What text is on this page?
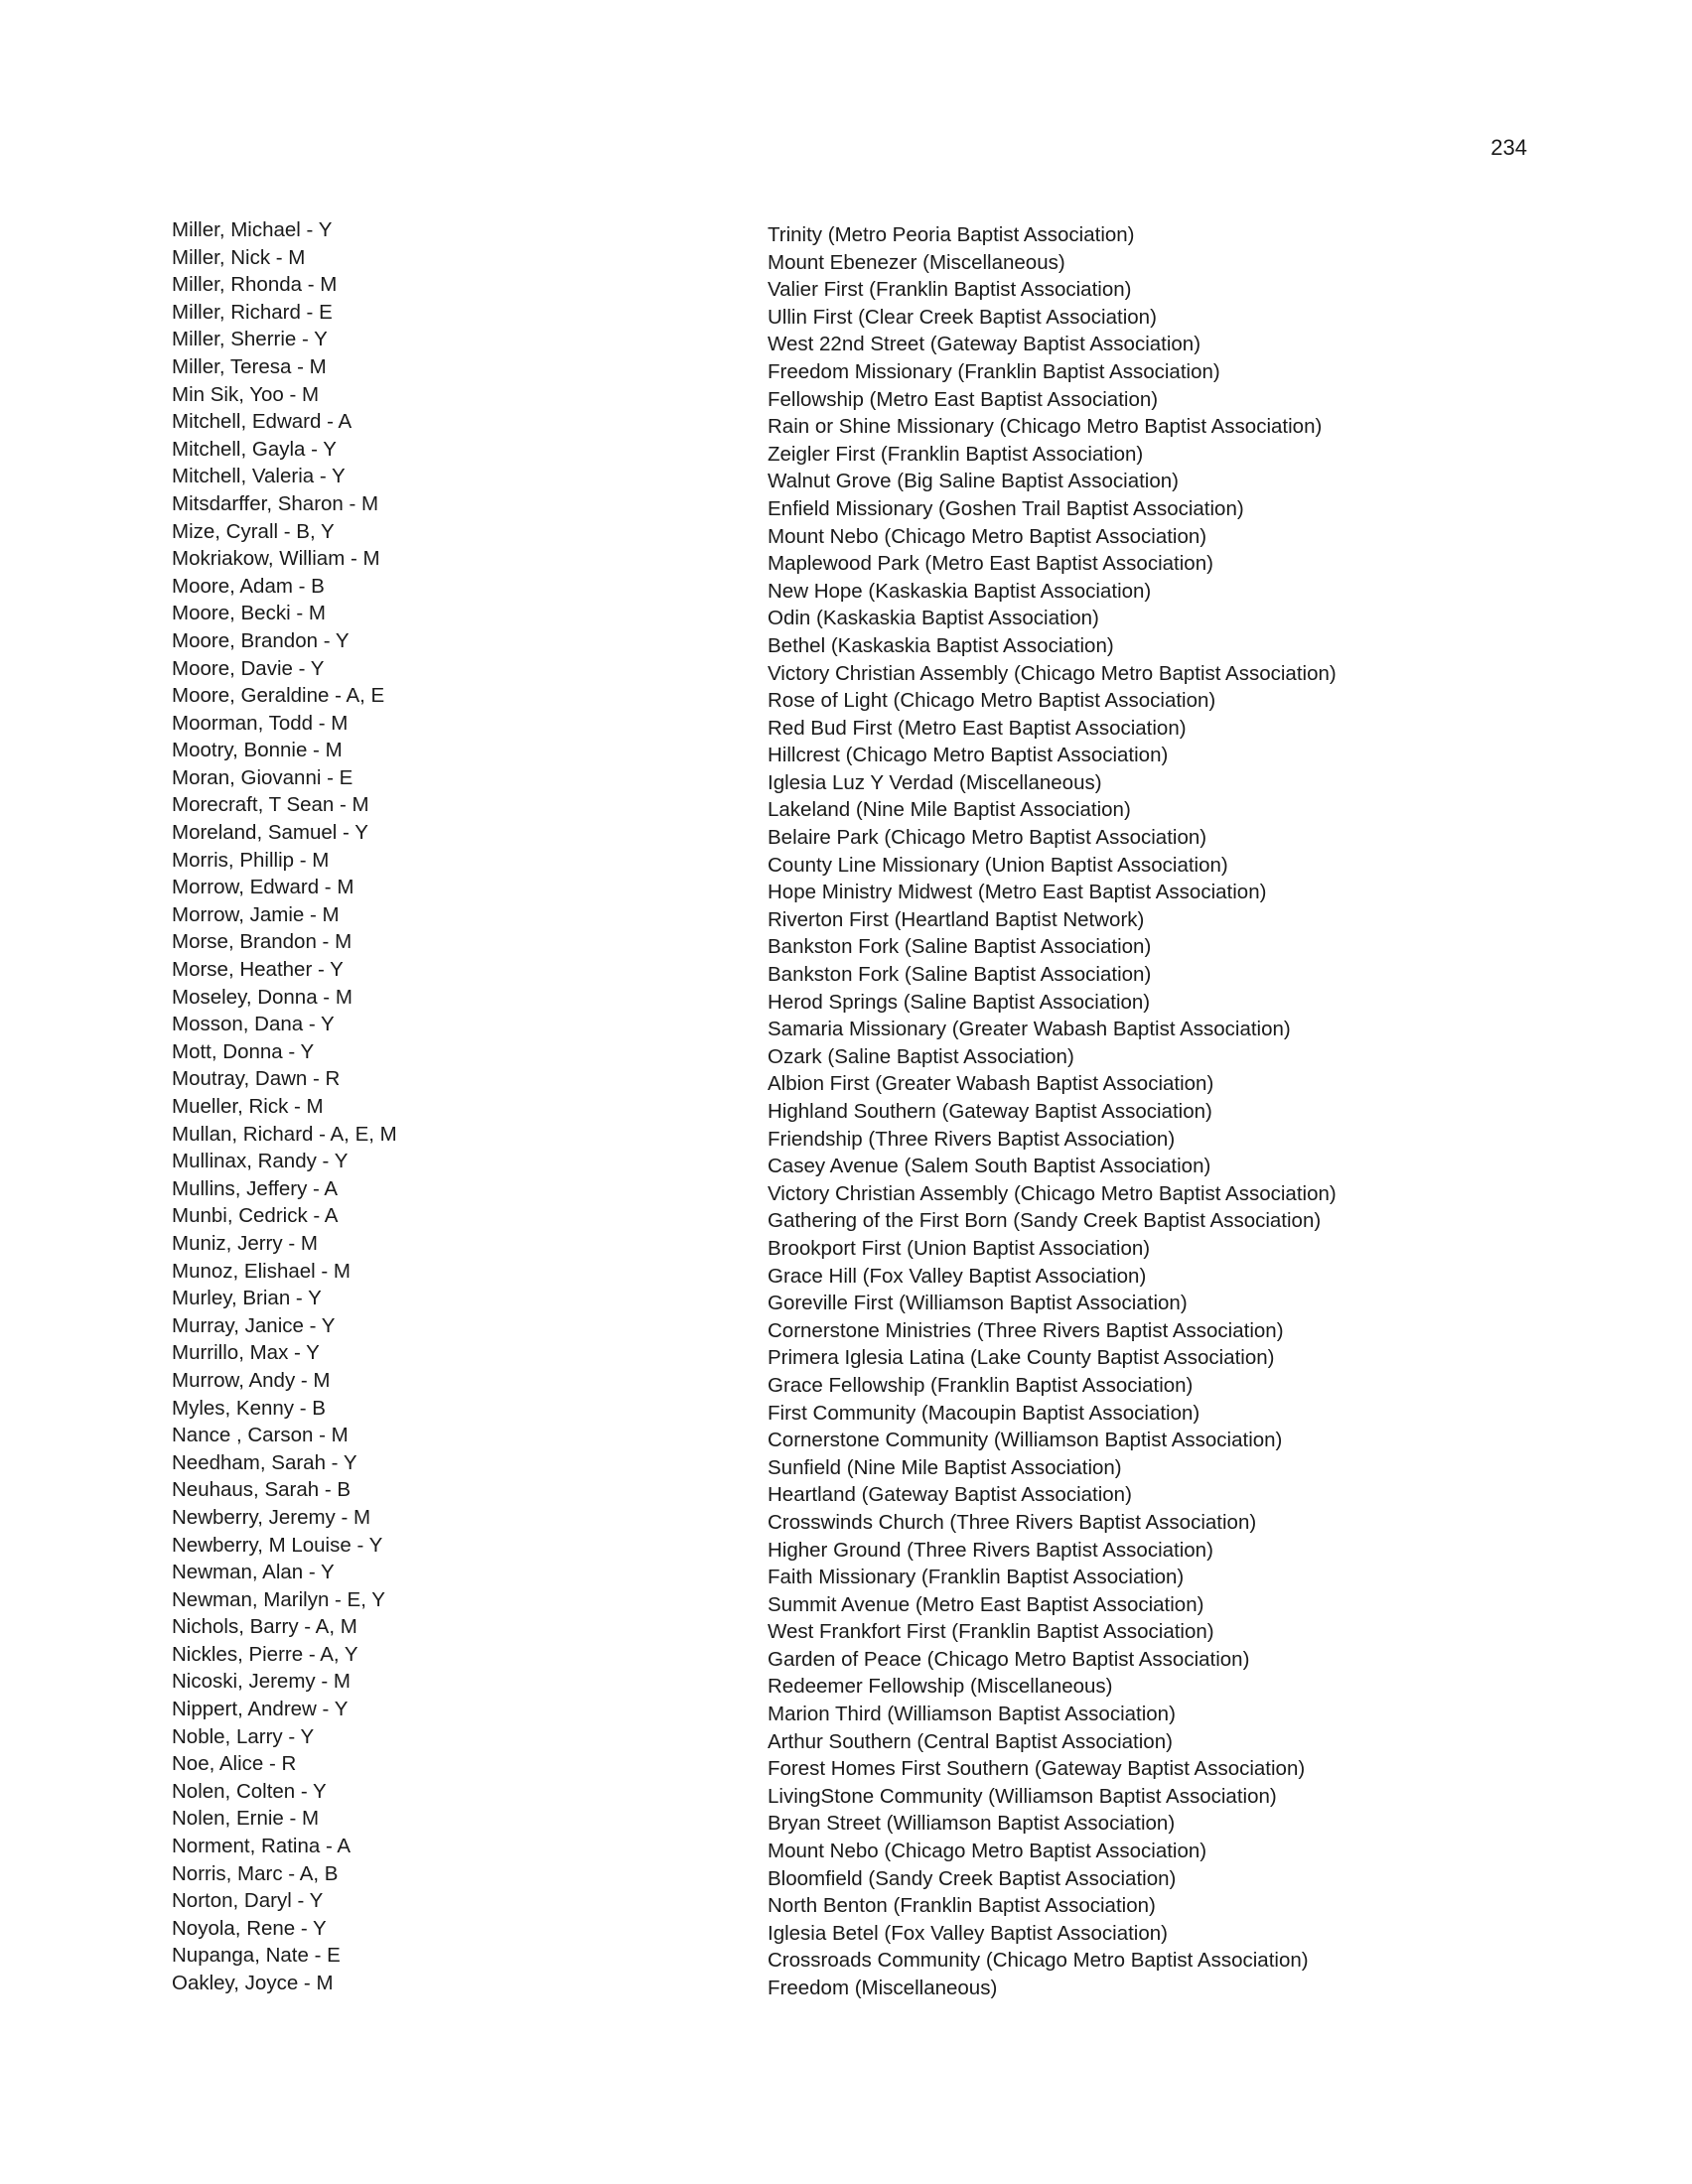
234
Miller, Michael - Y	Trinity (Metro Peoria Baptist Association)
Miller, Nick - M	Mount Ebenezer (Miscellaneous)
Miller, Rhonda - M	Valier First (Franklin Baptist Association)
Miller, Richard - E	Ullin First (Clear Creek Baptist Association)
Miller, Sherrie - Y	West 22nd Street (Gateway Baptist Association)
Miller, Teresa - M	Freedom Missionary (Franklin Baptist Association)
Min Sik, Yoo - M	Fellowship (Metro East Baptist Association)
Mitchell, Edward - A	Rain or Shine Missionary (Chicago Metro Baptist Association)
Mitchell, Gayla - Y	Zeigler First (Franklin Baptist Association)
Mitchell, Valeria - Y	Walnut Grove (Big Saline Baptist Association)
Mitsdarffer, Sharon - M	Enfield Missionary (Goshen Trail Baptist Association)
Mize, Cyrall - B, Y	Mount Nebo (Chicago Metro Baptist Association)
Mokriakow, William - M	Maplewood Park (Metro East Baptist Association)
Moore, Adam - B	New Hope (Kaskaskia Baptist Association)
Moore, Becki - M	Odin (Kaskaskia Baptist Association)
Moore, Brandon - Y	Bethel (Kaskaskia Baptist Association)
Moore, Davie - Y	Victory Christian Assembly (Chicago Metro Baptist Association)
Moore, Geraldine - A, E	Rose of Light (Chicago Metro Baptist Association)
Moorman, Todd - M	Red Bud First (Metro East Baptist Association)
Mootry, Bonnie - M	Hillcrest (Chicago Metro Baptist Association)
Moran, Giovanni - E	Iglesia Luz Y Verdad (Miscellaneous)
Morecraft, T Sean - M	Lakeland (Nine Mile Baptist Association)
Moreland, Samuel - Y	Belaire Park (Chicago Metro Baptist Association)
Morris, Phillip - M	County Line Missionary (Union Baptist Association)
Morrow, Edward - M	Hope Ministry Midwest (Metro East Baptist Association)
Morrow, Jamie - M	Riverton First (Heartland Baptist Network)
Morse, Brandon - M	Bankston Fork (Saline Baptist Association)
Morse, Heather - Y	Bankston Fork (Saline Baptist Association)
Moseley, Donna - M	Herod Springs (Saline Baptist Association)
Mosson, Dana - Y	Samaria Missionary (Greater Wabash Baptist Association)
Mott, Donna - Y	Ozark (Saline Baptist Association)
Moutray, Dawn - R	Albion First (Greater Wabash Baptist Association)
Mueller, Rick - M	Highland Southern (Gateway Baptist Association)
Mullan, Richard - A, E, M	Friendship (Three Rivers Baptist Association)
Mullinax, Randy - Y	Casey Avenue (Salem South Baptist Association)
Mullins, Jeffery - A	Victory Christian Assembly (Chicago Metro Baptist Association)
Munbi, Cedrick - A	Gathering of the First Born (Sandy Creek Baptist Association)
Muniz, Jerry - M	Brookport First (Union Baptist Association)
Munoz, Elishael - M	Grace Hill (Fox Valley Baptist Association)
Murley, Brian - Y	Goreville First (Williamson Baptist Association)
Murray, Janice - Y	Cornerstone Ministries (Three Rivers Baptist Association)
Murrillo, Max - Y	Primera Iglesia Latina (Lake County Baptist Association)
Murrow, Andy - M	Grace Fellowship (Franklin Baptist Association)
Myles, Kenny - B	First Community (Macoupin Baptist Association)
Nance , Carson - M	Cornerstone Community (Williamson Baptist Association)
Needham, Sarah - Y	Sunfield (Nine Mile Baptist Association)
Neuhaus, Sarah - B	Heartland (Gateway Baptist Association)
Newberry, Jeremy - M	Crosswinds Church (Three Rivers Baptist Association)
Newberry, M Louise - Y	Higher Ground (Three Rivers Baptist Association)
Newman, Alan - Y	Faith Missionary (Franklin Baptist Association)
Newman, Marilyn - E, Y	Summit Avenue (Metro East Baptist Association)
Nichols, Barry - A, M	West Frankfort First (Franklin Baptist Association)
Nickles, Pierre - A, Y	Garden of Peace (Chicago Metro Baptist Association)
Nicoski, Jeremy - M	Redeemer Fellowship (Miscellaneous)
Nippert, Andrew - Y	Marion Third (Williamson Baptist Association)
Noble, Larry - Y	Arthur Southern (Central Baptist Association)
Noe, Alice - R	Forest Homes First Southern (Gateway Baptist Association)
Nolen, Colten - Y	LivingStone Community (Williamson Baptist Association)
Nolen, Ernie - M	Bryan Street (Williamson Baptist Association)
Norment, Ratina - A	Mount Nebo (Chicago Metro Baptist Association)
Norris, Marc - A, B	Bloomfield (Sandy Creek Baptist Association)
Norton, Daryl - Y	North Benton (Franklin Baptist Association)
Noyola, Rene - Y	Iglesia Betel (Fox Valley Baptist Association)
Nupanga, Nate - E	Crossroads Community (Chicago Metro Baptist Association)
Oakley, Joyce - M	Freedom (Miscellaneous)
